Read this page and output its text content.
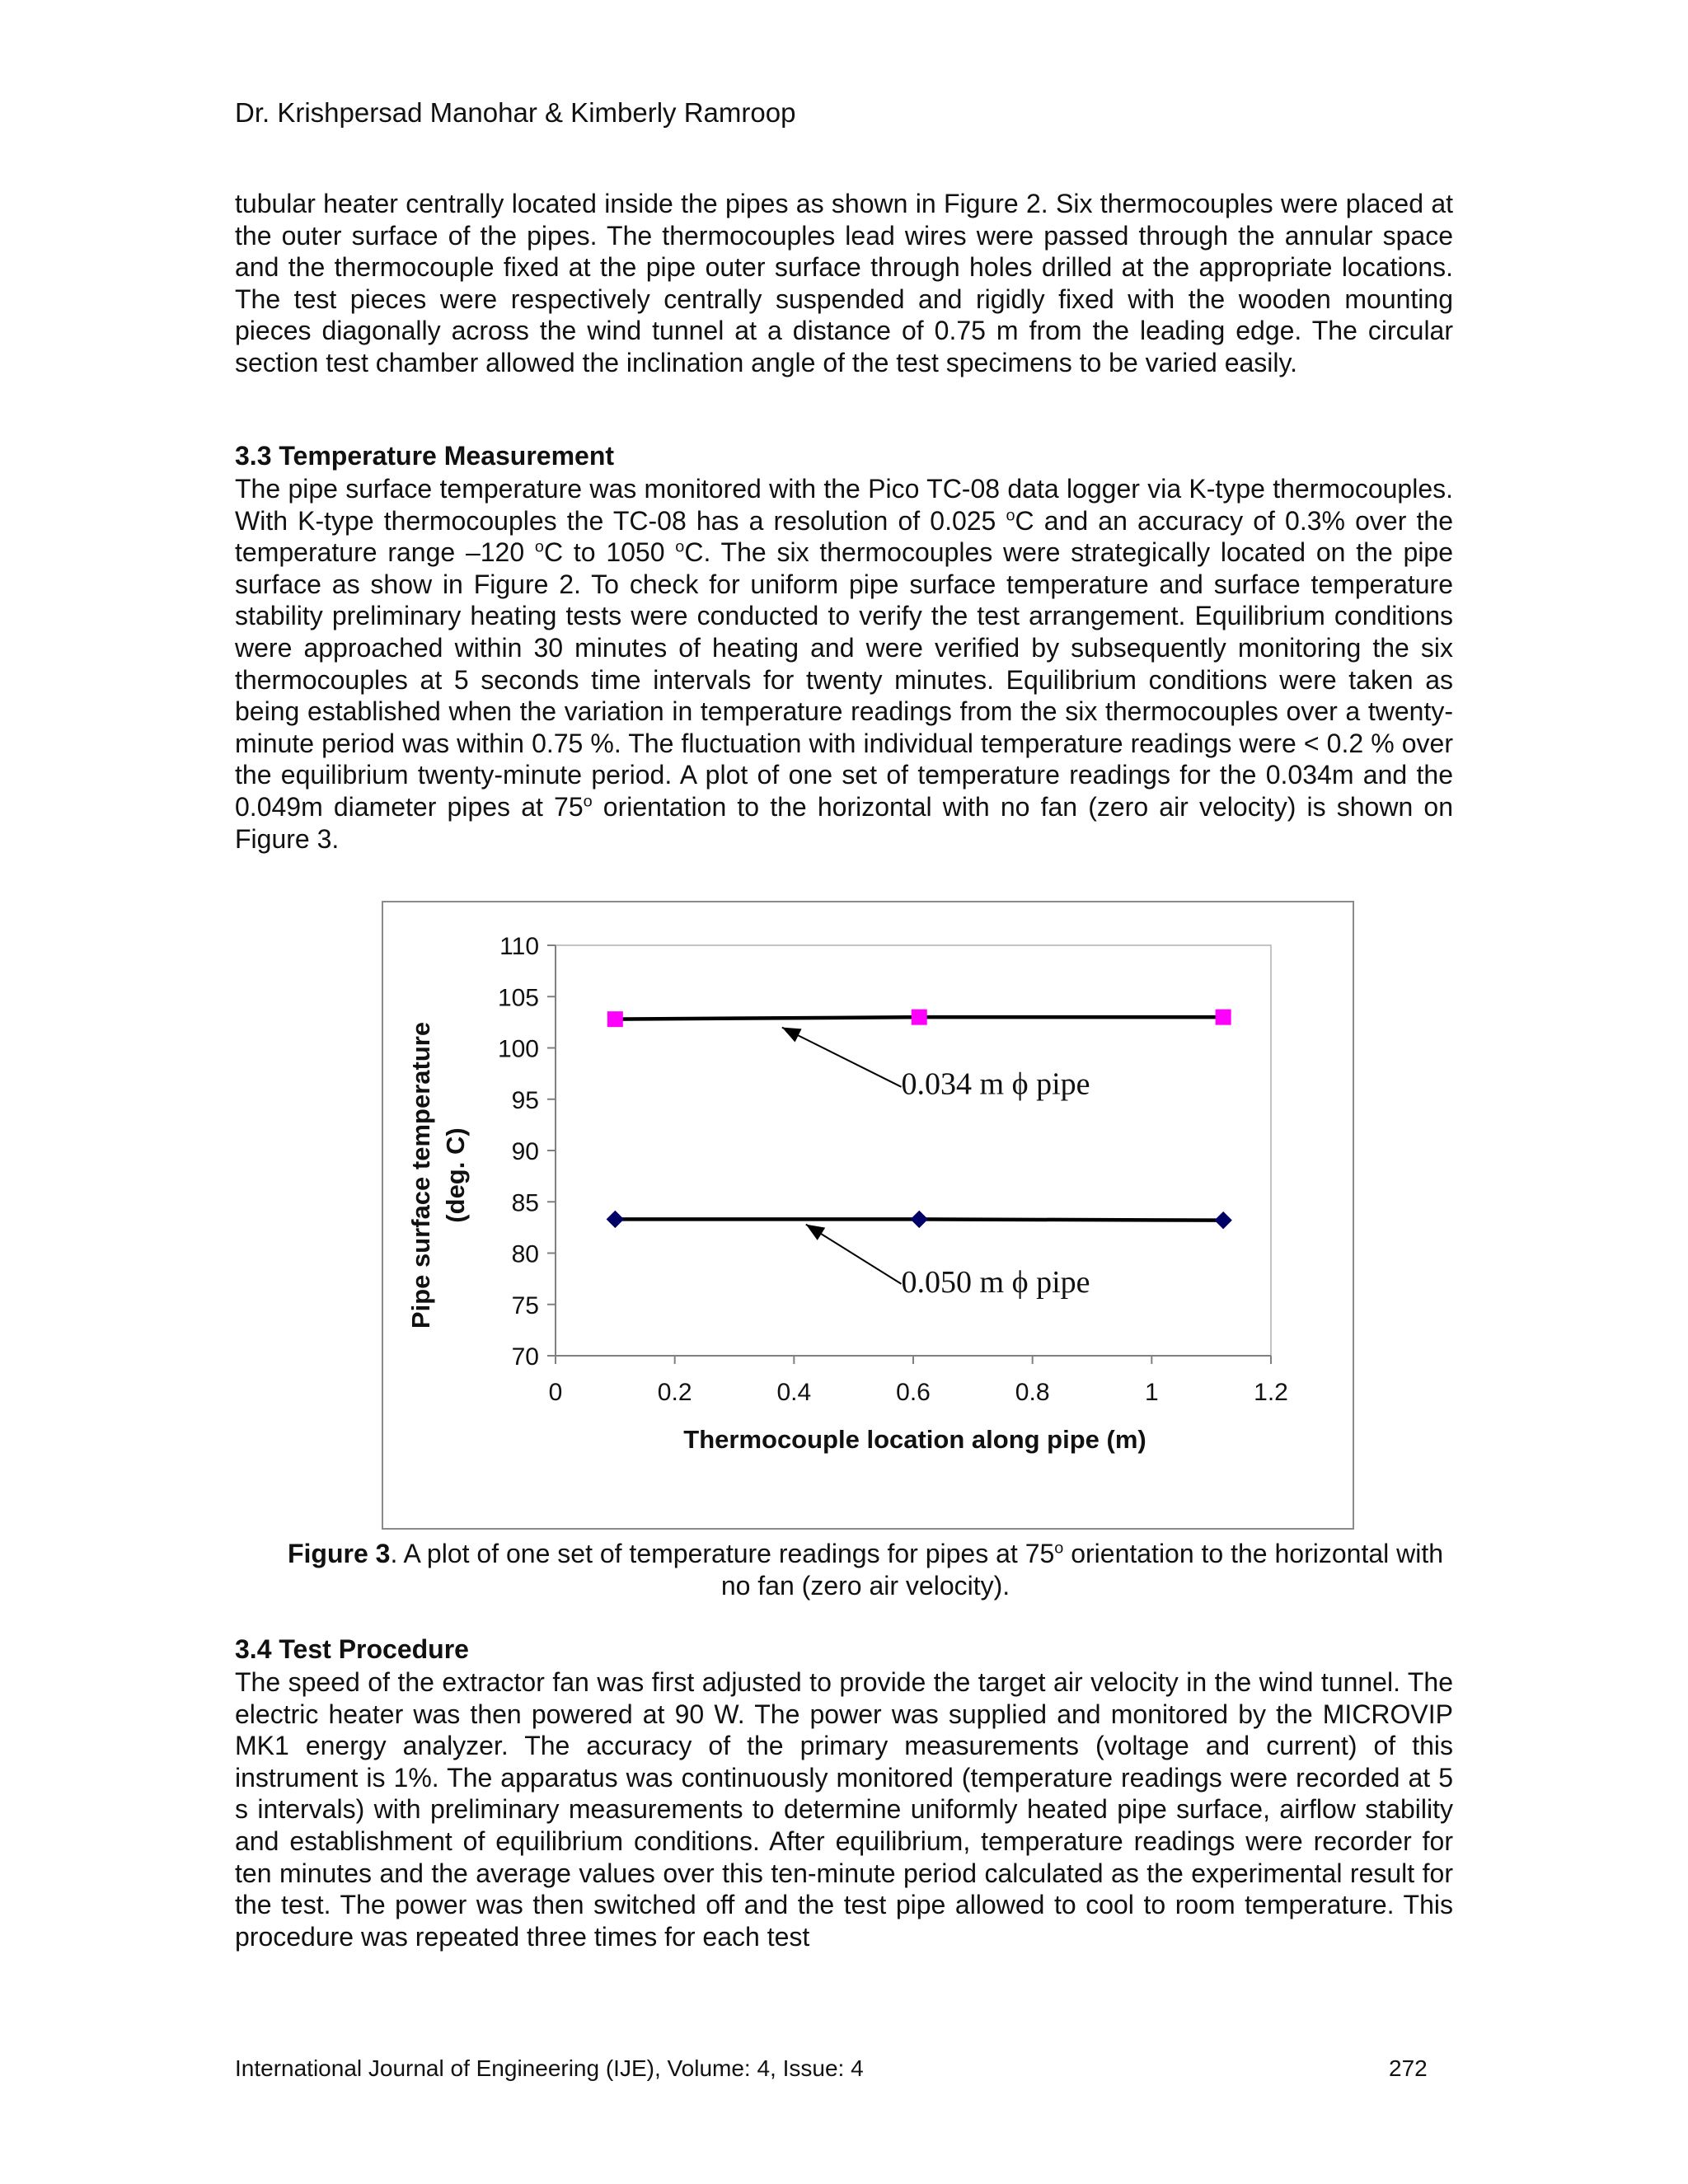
Dr. Krishpersad Manohar & Kimberly Ramroop

tubular heater centrally located inside the pipes as shown in Figure 2. Six thermocouples were placed at the outer surface of the pipes. The thermocouples lead wires were passed through the annular space and the thermocouple fixed at the pipe outer surface through holes drilled at the appropriate locations. The test pieces were respectively centrally suspended and rigidly fixed with the wooden mounting pieces diagonally across the wind tunnel at a distance of 0.75 m from the leading edge. The circular section test chamber allowed the inclination angle of the test specimens to be varied easily.

3.3 Temperature Measurement

The pipe surface temperature was monitored with the Pico TC-08 data logger via K-type thermocouples. With K-type thermocouples the TC-08 has a resolution of 0.025 $^o$C and an accuracy of 0.3% over the temperature range –120 $^o$C to 1050 $^o$C. The six thermocouples were strategically located on the pipe surface as show in Figure 2. To check for uniform pipe surface temperature and surface temperature stability preliminary heating tests were conducted to verify the test arrangement. Equilibrium conditions were approached within 30 minutes of heating and were verified by subsequently monitoring the six thermocouples at 5 seconds time intervals for twenty minutes. Equilibrium conditions were taken as being established when the variation in temperature readings from the six thermocouples over a twenty-minute period was within 0.75 %. The fluctuation with individual temperature readings were < 0.2 % over the equilibrium twenty-minute period. A plot of one set of temperature readings for the 0.034m and the 0.049m diameter pipes at 75$^o$ orientation to the horizontal with no fan (zero air velocity) is shown on Figure 3.

70
75
80
85
90
95
100
105
110
0	0.2	0.4	0.6	0.8	1	1.2
Thermocouple location along pipe (m)
Pipe surface temperature (deg. C)
0.034 m ϕ pipe
0.050 m ϕ pipe

Figure 3. A plot of one set of temperature readings for pipes at 75$^o$ orientation to the horizontal with no fan (zero air velocity).

3.4 Test Procedure

The speed of the extractor fan was first adjusted to provide the target air velocity in the wind tunnel. The electric heater was then powered at 90 W. The power was supplied and monitored by the MICROVIP MK1 energy analyzer. The accuracy of the primary measurements (voltage and current) of this instrument is 1%. The apparatus was continuously monitored (temperature readings were recorded at 5 s intervals) with preliminary measurements to determine uniformly heated pipe surface, airflow stability and establishment of equilibrium conditions. After equilibrium, temperature readings were recorder for ten minutes and the average values over this ten-minute period calculated as the experimental result for the test. The power was then switched off and the test pipe allowed to cool to room temperature. This procedure was repeated three times for each test

International Journal of Engineering (IJE), Volume: 4, Issue: 4	272
